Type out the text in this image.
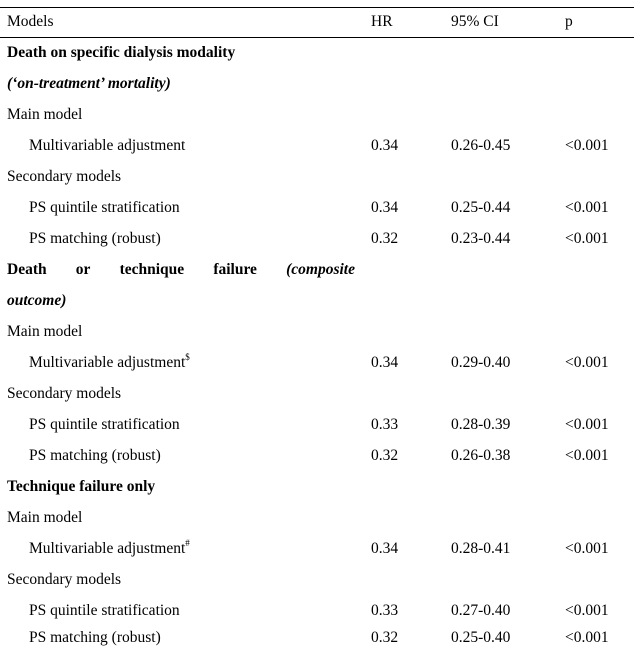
Models	HR	95% CI	p
Death on specific dialysis modality
(‘on-treatment’ mortality)
Main model
Multivariable adjustment	0.34	0.26-0.45	<0.001
Secondary models
PS quintile stratification	0.34	0.25-0.44	<0.001
PS matching (robust)	0.32	0.23-0.44	<0.001
Death or technique failure (composite
outcome)
Main model
Multivariable adjustment$	0.34	0.29-0.40	<0.001
Secondary models
PS quintile stratification	0.33	0.28-0.39	<0.001
PS matching (robust)	0.32	0.26-0.38	<0.001
Technique failure only
Main model
Multivariable adjustment#	0.34	0.28-0.41	<0.001
Secondary models
PS quintile stratification	0.33	0.27-0.40	<0.001
PS matching (robust)	0.32	0.25-0.40	<0.001
